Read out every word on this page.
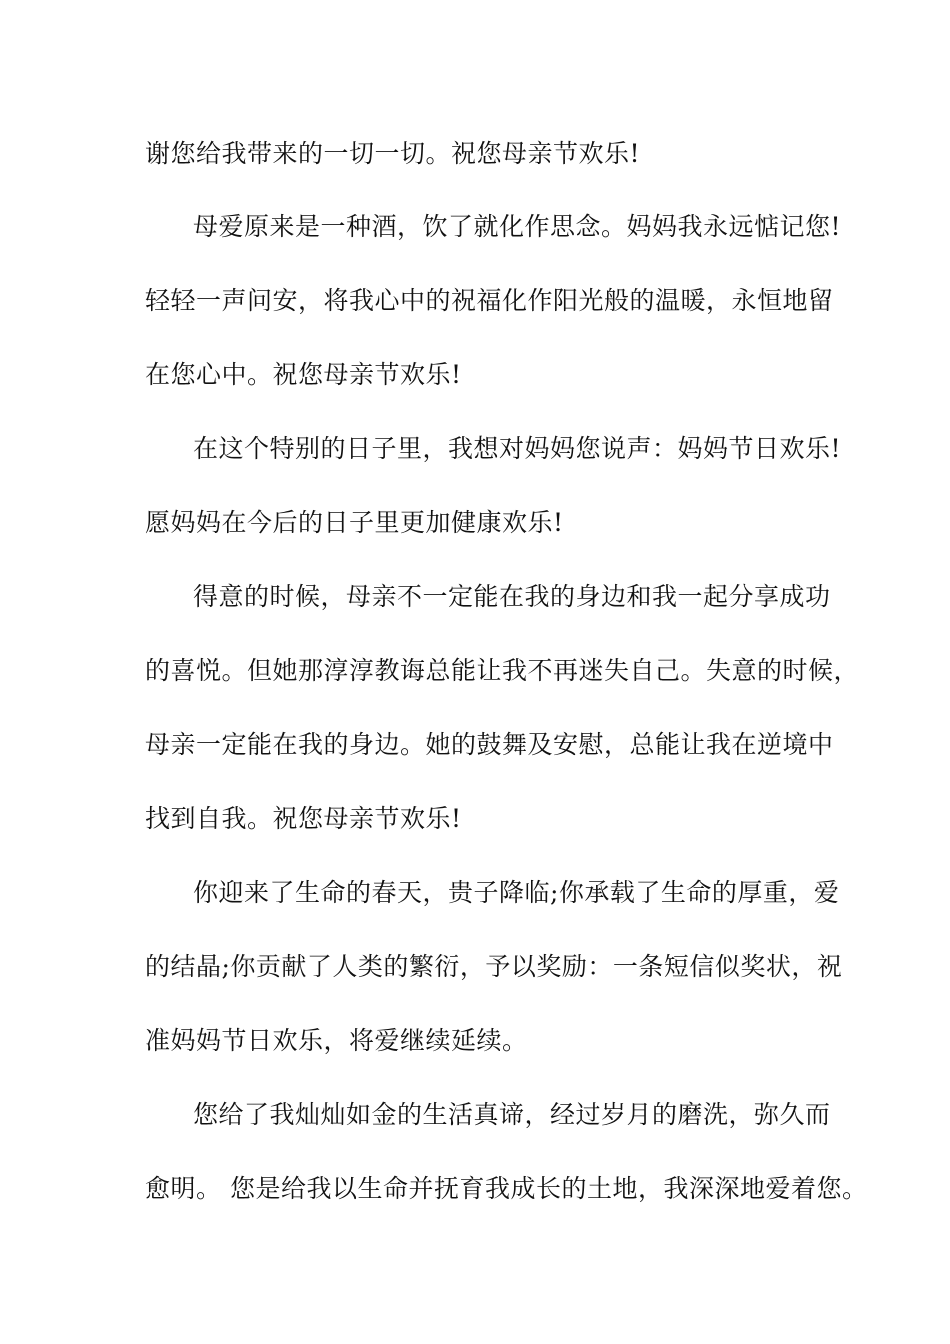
谢您给我带来的一切一切。祝您母亲节欢乐!
母爱原来是一种酒，饮了就化作思念。妈妈我永远惦记您!
轻轻一声问安，将我心中的祝福化作阳光般的温暖，永恒地留
在您心中。祝您母亲节欢乐!
在这个特别的日子里，我想对妈妈您说声：妈妈节日欢乐!
愿妈妈在今后的日子里更加健康欢乐!
得意的时候，母亲不一定能在我的身边和我一起分享成功
的喜悦。但她那淳淳教诲总能让我不再迷失自己。失意的时候，
母亲一定能在我的身边。她的鼓舞及安慰，总能让我在逆境中
找到自我。祝您母亲节欢乐!
你迎来了生命的春天，贵子降临;你承载了生命的厚重，爱
的结晶;你贡献了人类的繁衍，予以奖励：一条短信似奖状，祝
准妈妈节日欢乐，将爱继续延续。
您给了我灿灿如金的生活真谛，经过岁月的磨洗，弥久而
愈明。 您是给我以生命并抚育我成长的土地，我深深地爱着您。
